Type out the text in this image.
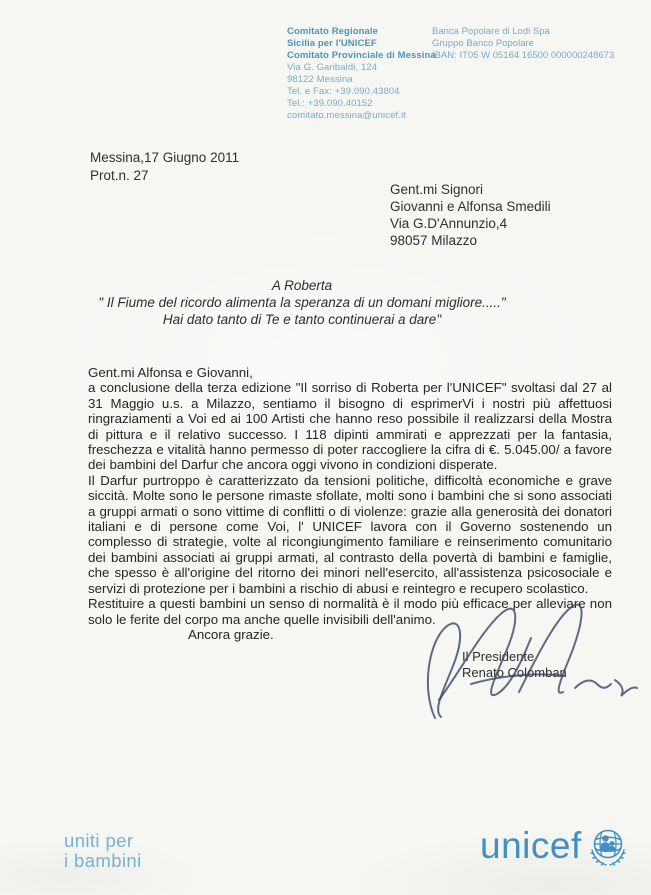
Comitato Regionale
Sicilia per l'UNICEF
Comitato Provinciale di Messina
Via G. Garibaldi, 124
98122 Messina
Tel. e Fax: +39.090.43804
Tel.: +39.090.40152
comitato.messina@unicef.it
Banca Popolare di Lodi Spa
Gruppo Banco Popolare
IBAN: IT05 W 05164 16500 000000248673
Messina,17 Giugno 2011
Prot.n. 27
Gent.mi Signori
Giovanni e Alfonsa Smedili
Via G.D'Annunzio,4
98057 Milazzo
A Roberta
" Il Fiume del ricordo alimenta la speranza di un domani migliore....."
Hai dato tanto di Te e tanto continuerai a dare"

Gent.mi Alfonsa e Giovanni,

a conclusione della terza edizione "Il sorriso di Roberta per l'UNICEF" svoltasi dal 27 al 31 Maggio u.s. a Milazzo, sentiamo il bisogno di esprimerVi i nostri più affettuosi ringraziamenti a Voi ed ai 100 Artisti che hanno reso possibile il realizzarsi della Mostra di pittura e il relativo successo. I 118 dipinti ammirati e apprezzati per la fantasia, freschezza e vitalità hanno permesso di poter raccogliere la cifra di €. 5.045.00/ a favore dei bambini del Darfur che ancora oggi vivono in condizioni disperate.

Il Darfur purtroppo è caratterizzato da tensioni politiche, difficoltà economiche e grave siccità. Molte sono le persone rimaste sfollate, molti sono i bambini che si sono associati a gruppi armati o sono vittime di conflitti o di violenze: grazie alla generosità dei donatori italiani e di persone come Voi, l' UNICEF lavora con il Governo sostenendo un complesso di strategie, volte al ricongiungimento familiare e reinserimento comunitario dei bambini associati ai gruppi armati, al contrasto della povertà di bambini e famiglie, che spesso è all'origine del ritorno dei minori nell'esercito, all'assistenza psicosociale e servizi di protezione per i bambini a rischio di abusi e reintegro e recupero scolastico.

Restituire a questi bambini un senso di normalità è il modo più efficace per alleviare non solo le ferite del corpo ma anche quelle invisibili dell'animo.

Ancora grazie.

Il Presidente
Renato Colomban
uniti per
i bambini	unicef
